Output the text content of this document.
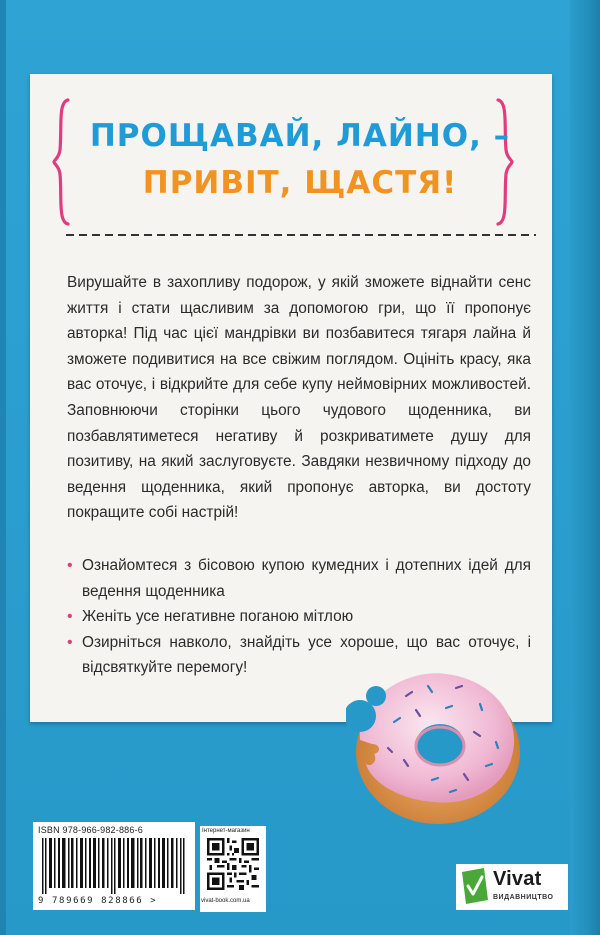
ПРОЩАВАЙ, ЛАЙНО, –
ПРИВІТ, ЩАСТЯ!

Вирушайте в захопливу подорож, у якій зможете віднайти сенс життя і стати щасливим за допомогою гри, що її пропонує авторка! Під час цієї мандрівки ви позбавитеся тягаря лайна й зможете подивитися на все свіжим поглядом. Оцініть красу, яка вас оточує, і відкрийте для себе купу неймовірних можливостей. Заповнюючи сторінки цього чудового щоденника, ви позбавлятиметеся негативу й розкриватимете душу для позитиву, на який заслуговуєте. Завдяки незвичному підходу до ведення щоденника, який пропонує авторка, ви достоту покращите собі настрій!

• Ознайомтеся з бісовою купою кумедних і дотепних ідей для ведення щоденника
• Женіть усе негативне поганою мітлою
• Озирніться навколо, знайдіть усе хороше, що вас оточує, і відсвяткуйте перемогу!
ISBN 978-966-982-886-6
9 789669 828866 >
Інтернет-магазин
vivat-book.com.ua
Vivat
ВИДАВНИЦТВО
